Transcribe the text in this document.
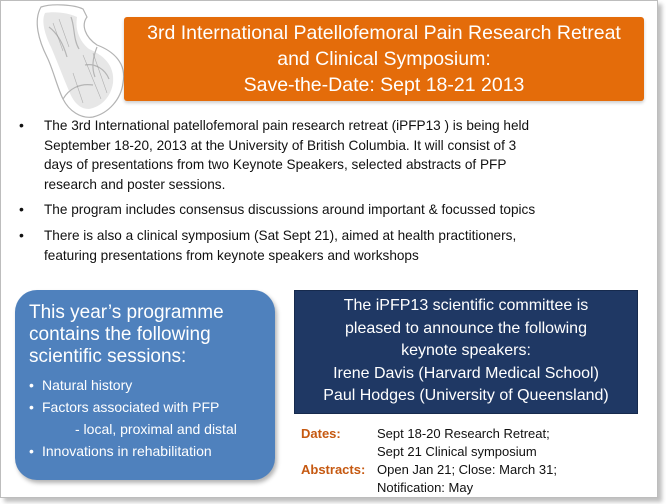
3rd International Patellofemoral Pain Research Retreat
and Clinical Symposium:
Save-the-Date: Sept 18-21 2013
• The 3rd International patellofemoral pain research retreat (iPFP13 ) is being held
September 18-20, 2013 at the University of British Columbia. It will consist of 3
days of presentations from two Keynote Speakers, selected abstracts of PFP
research and poster sessions.
• The program includes consensus discussions around important & focussed topics
• There is also a clinical symposium (Sat Sept 21), aimed at health practitioners,
featuring presentations from keynote speakers and workshops
This year’s programme
contains the following
scientific sessions:
• Natural history
• Factors associated with PFP
- local, proximal and distal
• Innovations in rehabilitation
The iPFP13 scientific committee is
pleased to announce the following
keynote speakers:
Irene Davis (Harvard Medical School)
Paul Hodges (University of Queensland)
Dates:	Sept 18-20 Research Retreat;
Sept 21 Clinical symposium
Abstracts: Open Jan 21; Close: March 31;
Notification: May
